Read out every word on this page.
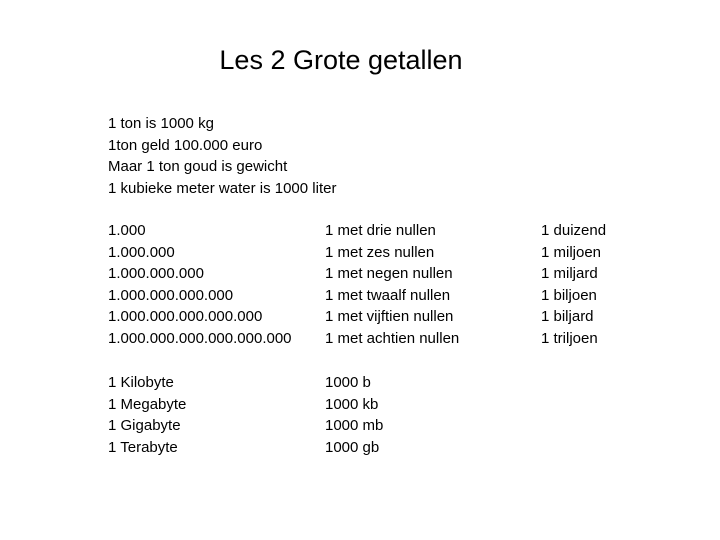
Les 2 Grote getallen
1 ton is 1000 kg
1ton geld 100.000 euro
Maar 1 ton goud is gewicht
1 kubieke meter water is 1000 liter
1.000
1.000.000
1.000.000.000
1.000.000.000.000
1.000.000.000.000.000
1.000.000.000.000.000.000
1 met drie nullen
1 met zes nullen
1 met negen nullen
1 met twaalf nullen
1 met vijftien nullen
1 met achtien nullen
1 duizend
1 miljoen
1 miljard
1 biljoen
1 biljard
1 triljoen
1 Kilobyte
1 Megabyte
1 Gigabyte
1 Terabyte
1000 b
1000 kb
1000 mb
1000 gb
